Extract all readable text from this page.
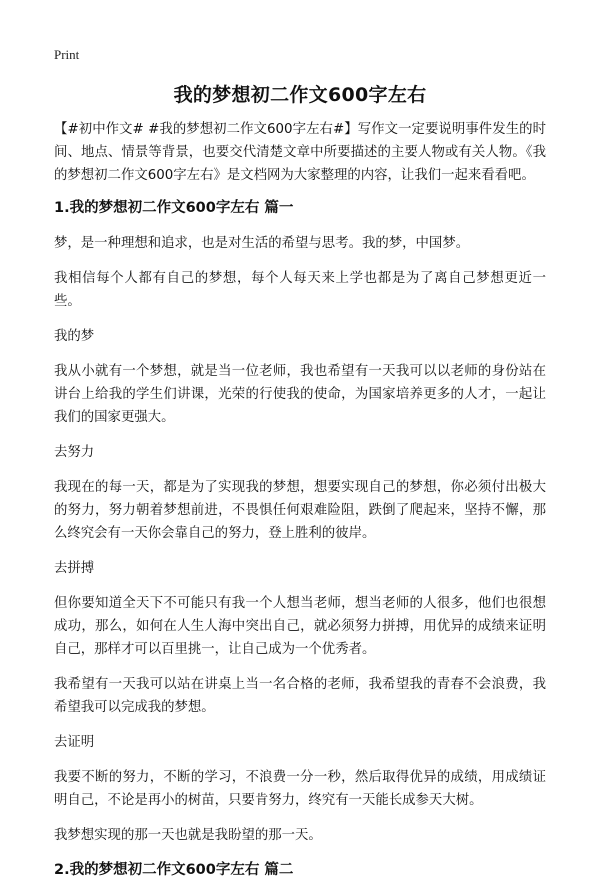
Print
我的梦想初二作文600字左右

【#初中作文# #我的梦想初二作文600字左右#】写作文一定要说明事件发生的时间、地点、情景等背景，也要交代清楚文章中所要描述的主要人物或有关人物。《我的梦想初二作文600字左右》是文档网为大家整理的内容，让我们一起来看看吧。

1.我的梦想初二作文600字左右 篇一

梦，是一种理想和追求，也是对生活的希望与思考。我的梦，中国梦。

我相信每个人都有自己的梦想，每个人每天来上学也都是为了离自己梦想更近一些。

我的梦

我从小就有一个梦想，就是当一位老师，我也希望有一天我可以以老师的身份站在讲台上给我的学生们讲课，光荣的行使我的使命，为国家培养更多的人才，一起让我们的国家更强大。

去努力

我现在的每一天，都是为了实现我的梦想，想要实现自己的梦想，你必须付出极大的努力，努力朝着梦想前进，不畏惧任何艰难险阻，跌倒了爬起来，坚持不懈，那么终究会有一天你会靠自己的努力，登上胜利的彼岸。

去拼搏

但你要知道全天下不可能只有我一个人想当老师，想当老师的人很多，他们也很想成功，那么，如何在人生人海中突出自己，就必须努力拼搏，用优异的成绩来证明自己，那样才可以百里挑一，让自己成为一个优秀者。

我希望有一天我可以站在讲桌上当一名合格的老师，我希望我的青春不会浪费，我希望我可以完成我的梦想。

去证明

我要不断的努力，不断的学习，不浪费一分一秒，然后取得优异的成绩，用成绩证明自己，不论是再小的树苗，只要肯努力，终究有一天能长成参天大树。

我梦想实现的那一天也就是我盼望的那一天。

2.我的梦想初二作文600字左右 篇二
